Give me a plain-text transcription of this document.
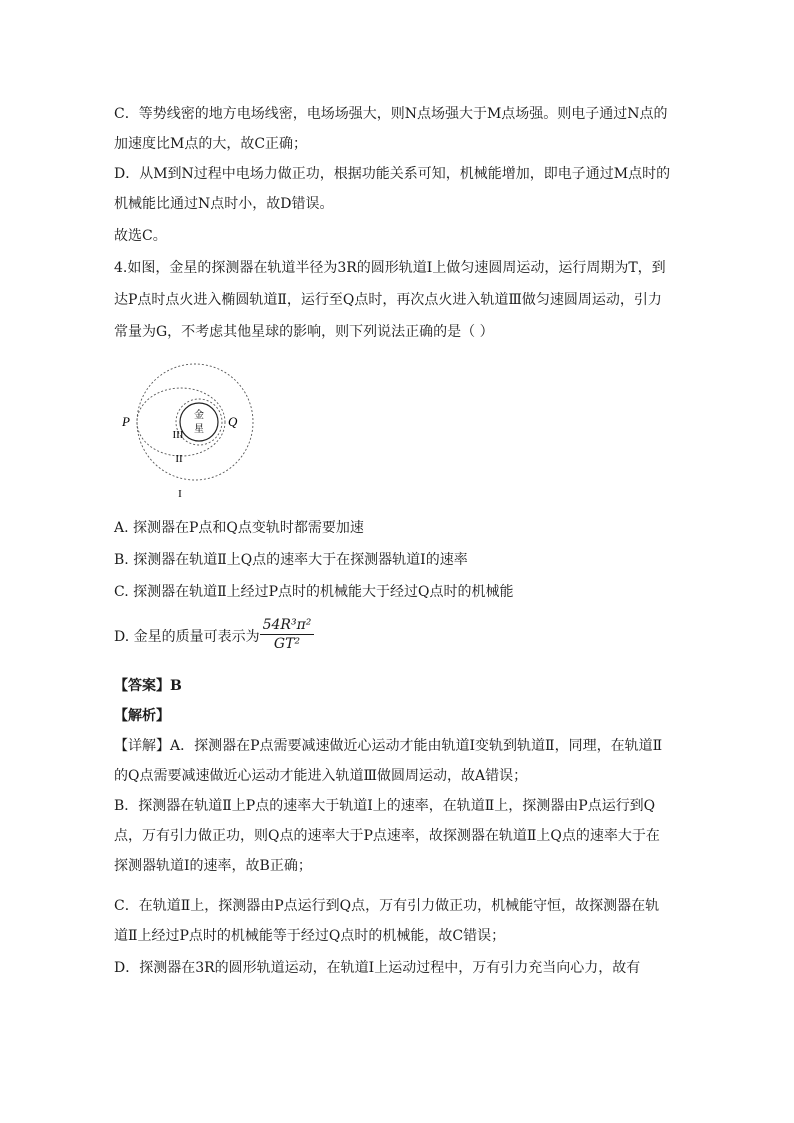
C．等势线密的地方电场线密，电场场强大，则N点场强大于M点场强。则电子通过N点的
加速度比M点的大，故C正确；
D．从M到N过程中电场力做正功，根据功能关系可知，机械能增加，即电子通过M点时的
机械能比通过N点时小，故D错误。
故选C。
4.如图，金星的探测器在轨道半径为3R的圆形轨道Ⅰ上做匀速圆周运动，运行周期为T，到
达P点时点火进入椭圆轨道Ⅱ，运行至Q点时，再次点火进入轨道Ⅲ做匀速圆周运动，引力
常量为G，不考虑其他星球的影响，则下列说法正确的是（ ）
金
星
P	Q
III
II
I
A. 探测器在P点和Q点变轨时都需要加速
B. 探测器在轨道Ⅱ上Q点的速率大于在探测器轨道Ⅰ的速率
C. 探测器在轨道Ⅱ上经过P点时的机械能大于经过Q点时的机械能
D. 金星的质量可表示为
54R³π²
GT²
【答案】B
【解析】
【详解】A．探测器在P点需要减速做近心运动才能由轨道Ⅰ变轨到轨道Ⅱ，同理，在轨道Ⅱ
的Q点需要减速做近心运动才能进入轨道Ⅲ做圆周运动，故A错误；
B．探测器在轨道Ⅱ上P点的速率大于轨道Ⅰ上的速率，在轨道Ⅱ上，探测器由P点运行到Q
点，万有引力做正功，则Q点的速率大于P点速率，故探测器在轨道Ⅱ上Q点的速率大于在
探测器轨道Ⅰ的速率，故B正确；
C．在轨道Ⅱ上，探测器由P点运行到Q点，万有引力做正功，机械能守恒，故探测器在轨
道Ⅱ上经过P点时的机械能等于经过Q点时的机械能，故C错误；
D．探测器在3R的圆形轨道运动，在轨道Ⅰ上运动过程中，万有引力充当向心力，故有
